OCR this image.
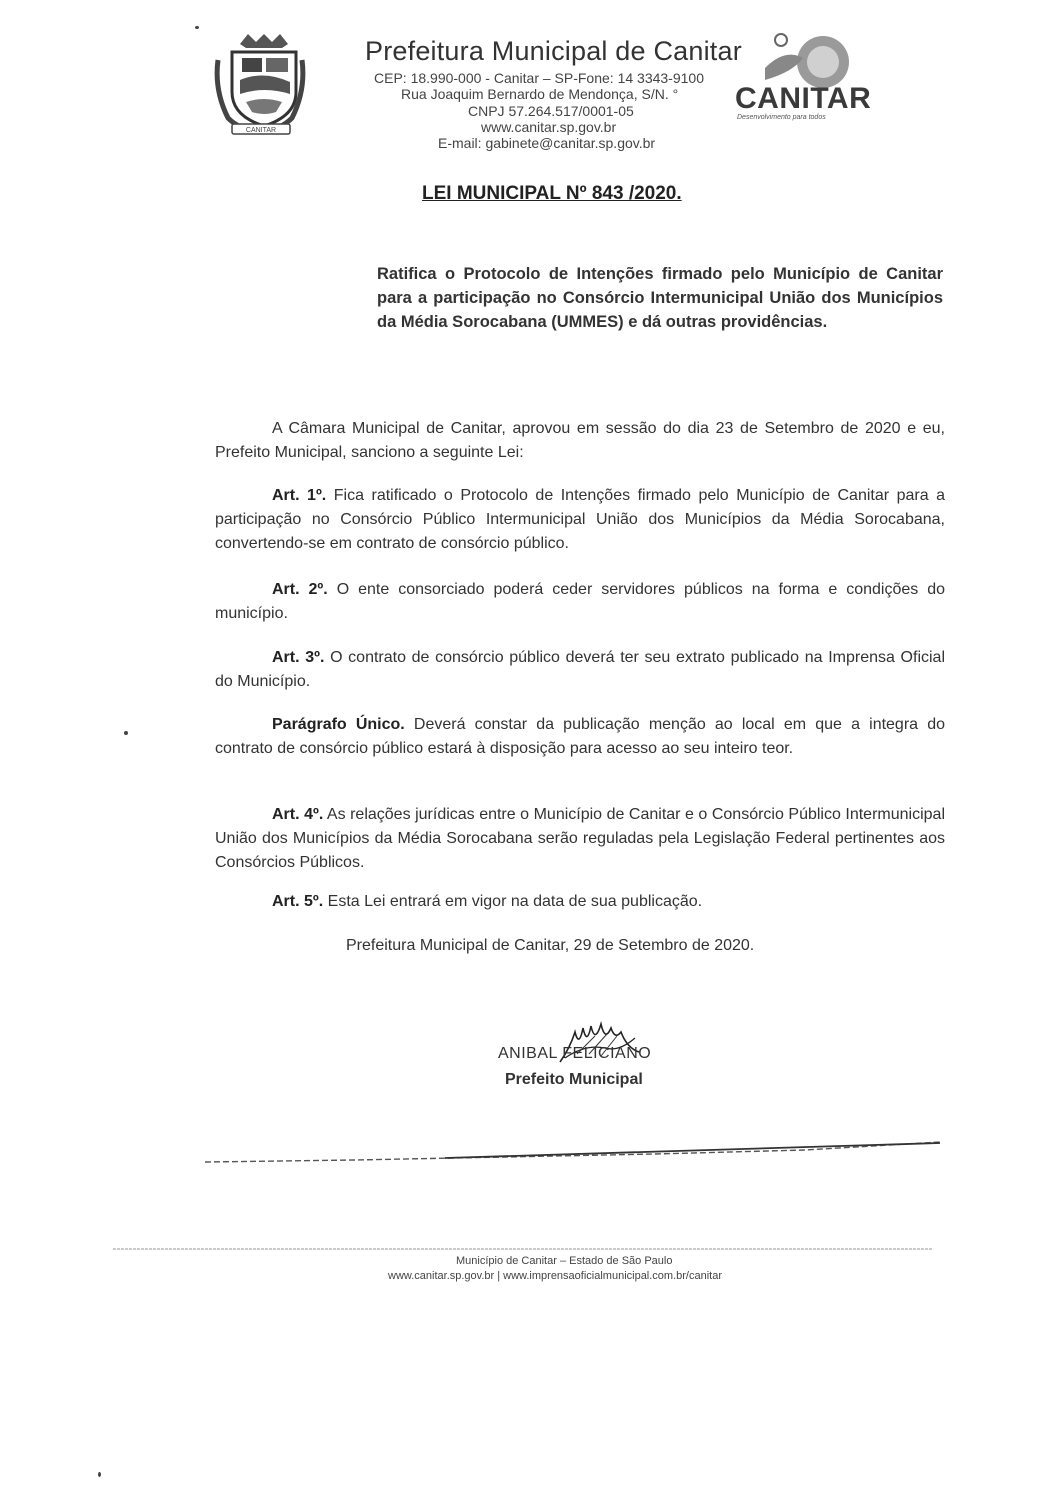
CANITAR
Prefeitura Municipal de Canitar
CEP: 18.990-000 - Canitar – SP-Fone: 14 3343-9100
Rua Joaquim Bernardo de Mendonça, S/N. °
CNPJ 57.264.517/0001-05
www.canitar.sp.gov.br
E-mail: gabinete@canitar.sp.gov.br
CANITAR
Desenvolvimento para todos
LEI MUNICIPAL Nº 843 /2020.
Ratifica o Protocolo de Intenções firmado pelo Município de Canitar para a participação no Consórcio Intermunicipal União dos Municípios da Média Sorocabana (UMMES) e dá outras providências.
A Câmara Municipal de Canitar, aprovou em sessão do dia 23 de Setembro de 2020 e eu, Prefeito Municipal, sanciono a seguinte Lei:
Art. 1º. Fica ratificado o Protocolo de Intenções firmado pelo Município de Canitar para a participação no Consórcio Público Intermunicipal União dos Municípios da Média Sorocabana, convertendo-se em contrato de consórcio público.
Art. 2º. O ente consorciado poderá ceder servidores públicos na forma e condições do município.
Art. 3º. O contrato de consórcio público deverá ter seu extrato publicado na Imprensa Oficial do Município.
Parágrafo Único. Deverá constar da publicação menção ao local em que a integra do contrato de consórcio público estará à disposição para acesso ao seu inteiro teor.
Art. 4º. As relações jurídicas entre o Município de Canitar e o Consórcio Público Intermunicipal União dos Municípios da Média Sorocabana serão reguladas pela Legislação Federal pertinentes aos Consórcios Públicos.
Art. 5º. Esta Lei entrará em vigor na data de sua publicação.
Prefeitura Municipal de Canitar, 29 de Setembro de 2020.
ANIBAL FELICIANO
Prefeito Municipal
Município de Canitar – Estado de São Paulo
www.canitar.sp.gov.br | www.imprensaoficialmunicipal.com.br/canitar
